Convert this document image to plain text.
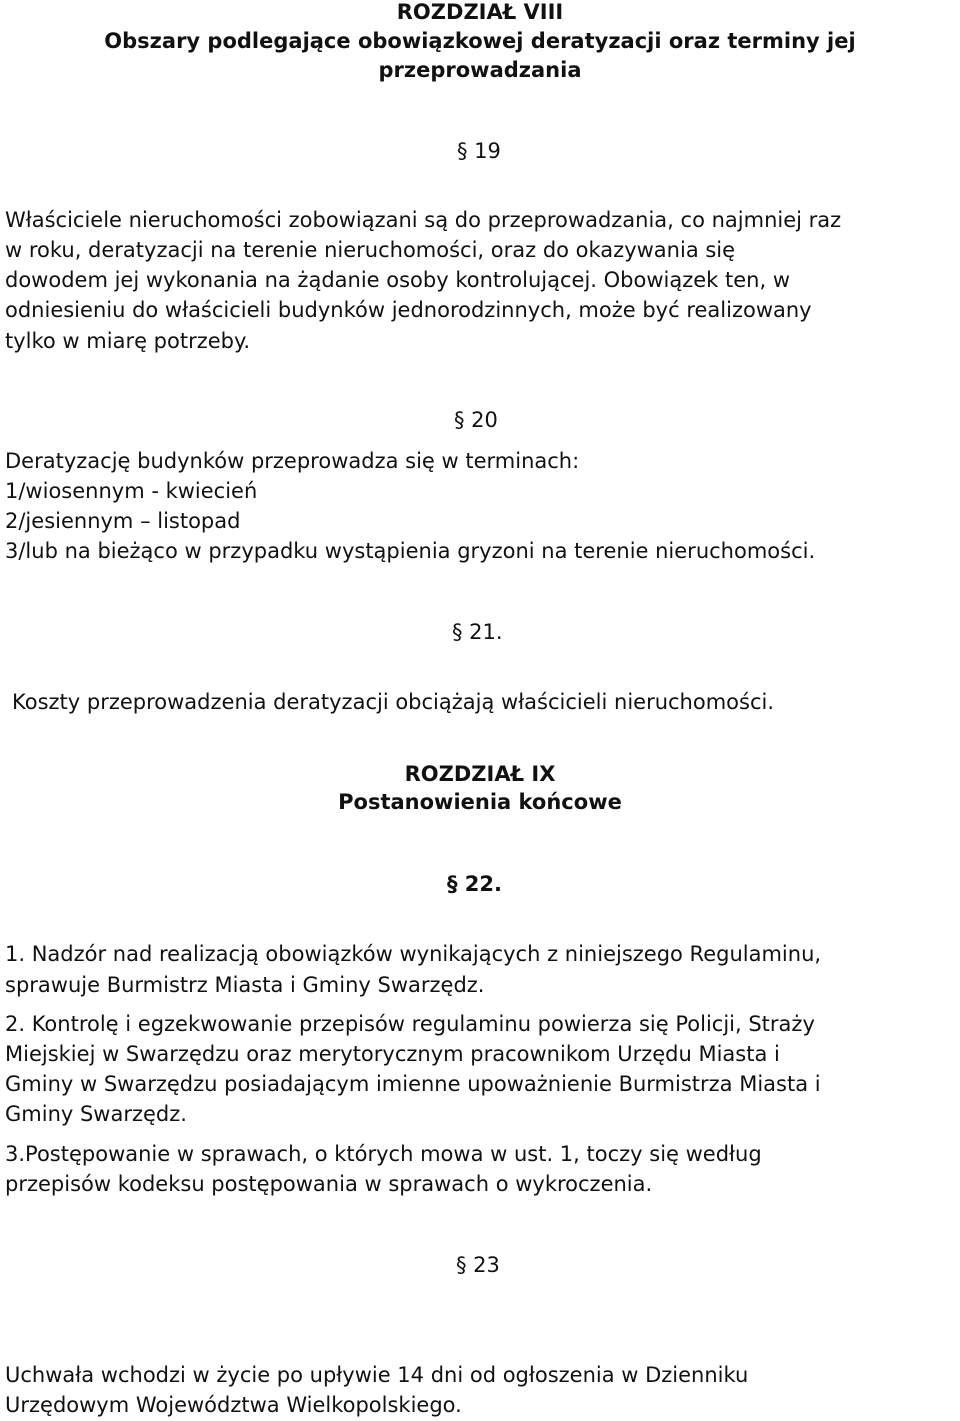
ROZDZIAŁ VIII
Obszary podlegające obowiązkowej deratyzacji oraz terminy jej
przeprowadzania
§ 19
Właściciele nieruchomości zobowiązani są do przeprowadzania, co najmniej raz
w roku, deratyzacji na terenie nieruchomości, oraz do okazywania się
dowodem jej wykonania na żądanie osoby kontrolującej. Obowiązek ten, w
odniesieniu do właścicieli budynków jednorodzinnych, może być realizowany
tylko w miarę potrzeby.
§ 20
Deratyzację budynków przeprowadza się w terminach:
1/wiosennym - kwiecień
2/jesiennym – listopad
3/lub na bieżąco w przypadku wystąpienia gryzoni na terenie nieruchomości.
§ 21.
Koszty przeprowadzenia deratyzacji obciążają właścicieli nieruchomości.
ROZDZIAŁ IX
Postanowienia końcowe
§ 22.
1. Nadzór nad realizacją obowiązków wynikających z niniejszego Regulaminu,
sprawuje Burmistrz Miasta i Gminy Swarzędz.
2. Kontrolę i egzekwowanie przepisów regulaminu powierza się Policji, Straży
Miejskiej w Swarzędzu oraz merytorycznym pracownikom Urzędu Miasta i
Gminy w Swarzędzu posiadającym imienne upoważnienie Burmistrza Miasta i
Gminy Swarzędz.
3.Postępowanie w sprawach, o których mowa w ust. 1, toczy się według
przepisów kodeksu postępowania w sprawach o wykroczenia.
§ 23
Uchwała wchodzi w życie po upływie 14 dni od ogłoszenia w Dzienniku
Urzędowym Województwa Wielkopolskiego.
